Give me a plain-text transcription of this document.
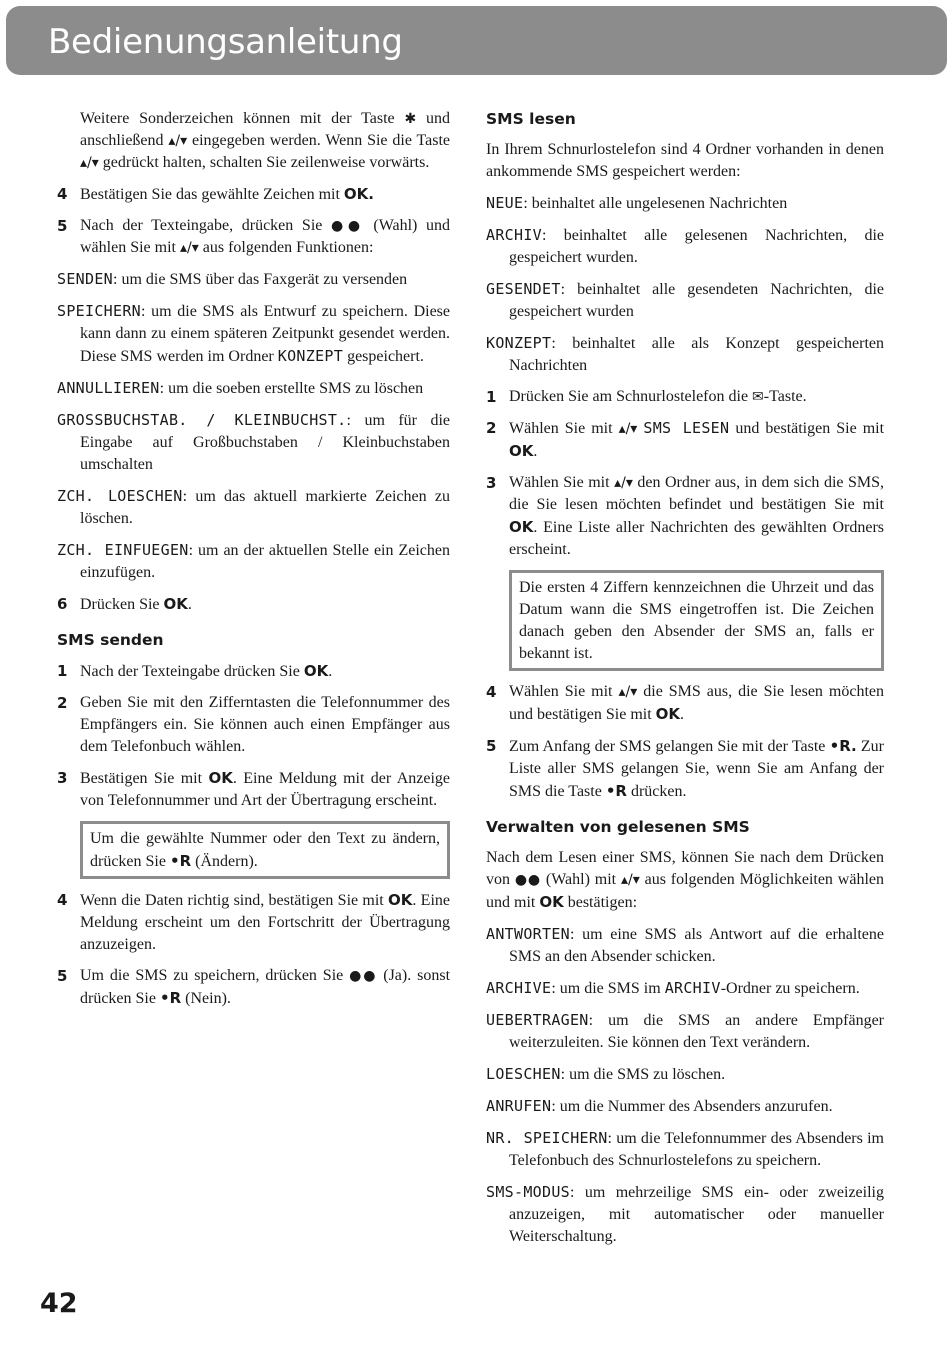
Bedienungsanleitung

Weitere Sonderzeichen können mit der Taste ✱ und anschließend ▴/▾ eingegeben werden. Wenn Sie die Taste ▴/▾ gedrückt halten, schalten Sie zeilenweise vorwärts.

4 Bestätigen Sie das gewählte Zeichen mit OK.
5 Nach der Texteingabe, drücken Sie ●● (Wahl) und wählen Sie mit ▴/▾ aus folgenden Funktionen:

SENDEN: um die SMS über das Faxgerät zu versenden

SPEICHERN: um die SMS als Entwurf zu speichern. Diese kann dann zu einem späteren Zeitpunkt gesendet werden. Diese SMS werden im Ordner KONZEPT gespeichert.

ANNULLIEREN: um die soeben erstellte SMS zu löschen

GROSSBUCHSTAB. / KLEINBUCHST.: um für die Eingabe auf Großbuchstaben / Kleinbuchstaben umschalten

ZCH. LOESCHEN: um das aktuell markierte Zeichen zu löschen.

ZCH. EINFUEGEN: um an der aktuellen Stelle ein Zeichen einzufügen.

6 Drücken Sie OK.
SMS senden
1 Nach der Texteingabe drücken Sie OK.
2 Geben Sie mit den Zifferntasten die Telefonnummer des Empfängers ein. Sie können auch einen Empfänger aus dem Telefonbuch wählen.
3 Bestätigen Sie mit OK. Eine Meldung mit der Anzeige von Telefonnummer und Art der Übertragung erscheint.
Um die gewählte Nummer oder den Text zu ändern, drücken Sie •R (Ändern).
4 Wenn die Daten richtig sind, bestätigen Sie mit OK. Eine Meldung erscheint um den Fortschritt der Übertragung anzuzeigen.
5 Um die SMS zu speichern, drücken Sie ●● (Ja). sonst drücken Sie •R (Nein).
SMS lesen

In Ihrem Schnurlostelefon sind 4 Ordner vorhanden in denen ankommende SMS gespeichert werden:

NEUE: beinhaltet alle ungelesenen Nachrichten

ARCHIV: beinhaltet alle gelesenen Nachrichten, die gespeichert wurden.

GESENDET: beinhaltet alle gesendeten Nachrichten, die gespeichert wurden

KONZEPT: beinhaltet alle als Konzept gespeicherten Nachrichten

1 Drücken Sie am Schnurlostelefon die ✉-Taste.
2 Wählen Sie mit ▴/▾ SMS LESEN und bestätigen Sie mit OK.
3 Wählen Sie mit ▴/▾ den Ordner aus, in dem sich die SMS, die Sie lesen möchten befindet und bestätigen Sie mit OK. Eine Liste aller Nachrichten des gewählten Ordners erscheint.
Die ersten 4 Ziffern kennzeichnen die Uhrzeit und das Datum wann die SMS eingetroffen ist. Die Zeichen danach geben den Absender der SMS an, falls er bekannt ist.
4 Wählen Sie mit ▴/▾ die SMS aus, die Sie lesen möchten und bestätigen Sie mit OK.
5 Zum Anfang der SMS gelangen Sie mit der Taste •R. Zur Liste aller SMS gelangen Sie, wenn Sie am Anfang der SMS die Taste •R drücken.
Verwalten von gelesenen SMS

Nach dem Lesen einer SMS, können Sie nach dem Drücken von ●● (Wahl) mit ▴/▾ aus folgenden Möglichkeiten wählen und mit OK bestätigen:

ANTWORTEN: um eine SMS als Antwort auf die erhaltene SMS an den Absender schicken.

ARCHIVE: um die SMS im ARCHIV-Ordner zu speichern.

UEBERTRAGEN: um die SMS an andere Empfänger weiterzuleiten. Sie können den Text verändern.

LOESCHEN: um die SMS zu löschen.

ANRUFEN: um die Nummer des Absenders anzurufen.

NR. SPEICHERN: um die Telefonnummer des Absenders im Telefonbuch des Schnurlostelefons zu speichern.

SMS-MODUS: um mehrzeilige SMS ein- oder zweizeilig anzuzeigen, mit automatischer oder manueller Weiterschaltung.

42
